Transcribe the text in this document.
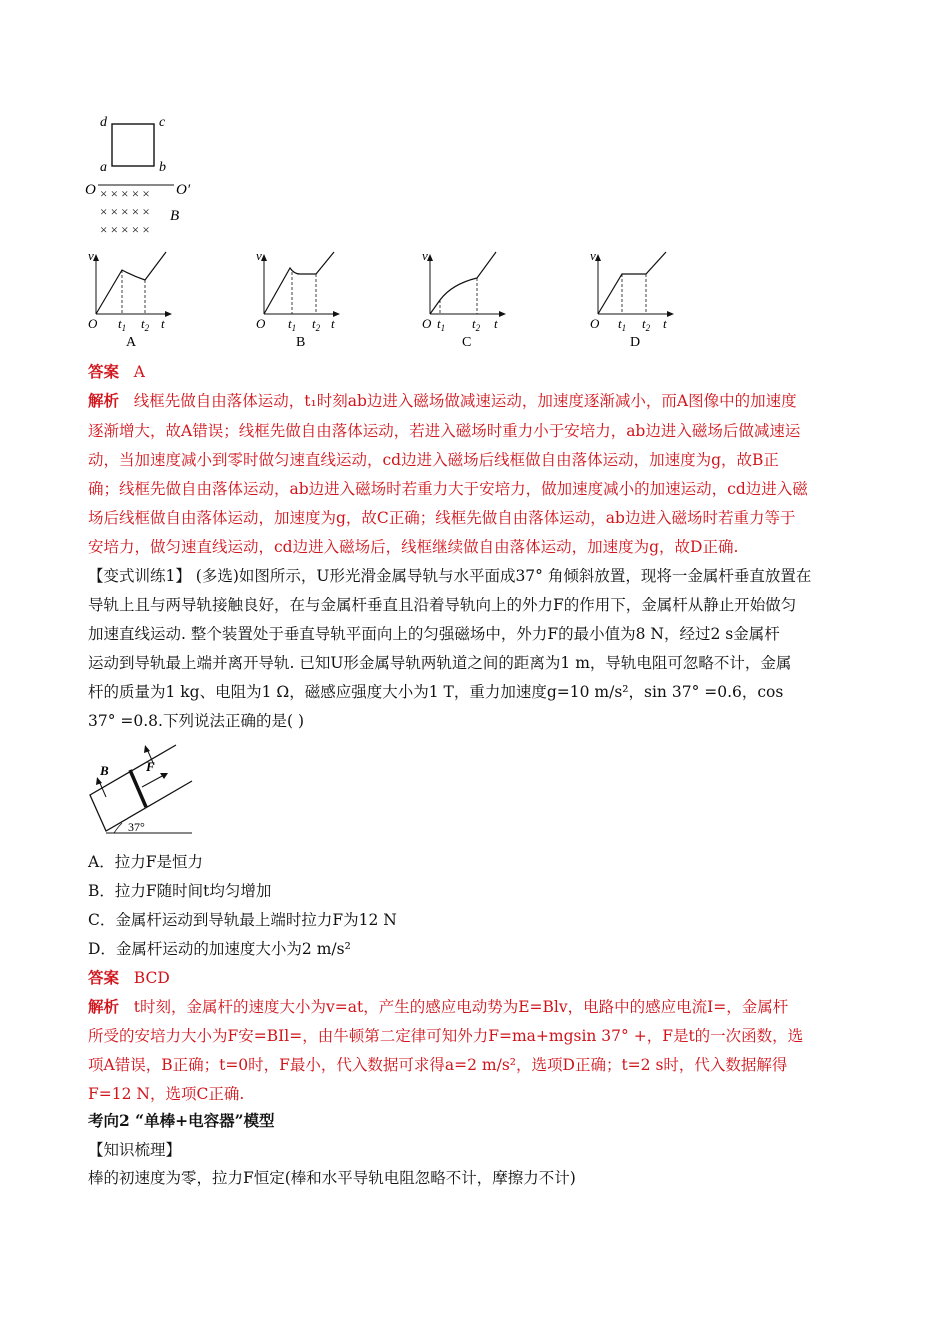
d	c
a	b
O	O′
× × × × ×
× × × × ×
× × × × ×
B
v
O $t_1$ $t_2$ t
A
v
O $t_1$ $t_2$ t
B
v
O $t_1$ $t_2$ t
C
v
O $t_1$ $t_2$ t
D
答案 A
解析 线框先做自由落体运动，t₁时刻ab边进入磁场做减速运动，加速度逐渐减小，而A图像中的加速度
逐渐增大，故A错误；线框先做自由落体运动，若进入磁场时重力小于安培力，ab边进入磁场后做减速运
动，当加速度减小到零时做匀速直线运动，cd边进入磁场后线框做自由落体运动，加速度为g，故B正
确；线框先做自由落体运动，ab边进入磁场时若重力大于安培力，做加速度减小的加速运动，cd边进入磁
场后线框做自由落体运动，加速度为g，故C正确；线框先做自由落体运动，ab边进入磁场时若重力等于
安培力，做匀速直线运动，cd边进入磁场后，线框继续做自由落体运动，加速度为g，故D正确.
【变式训练1】 (多选)如图所示，U形光滑金属导轨与水平面成37° 角倾斜放置，现将一金属杆垂直放置在
导轨上且与两导轨接触良好，在与金属杆垂直且沿着导轨向上的外力F的作用下，金属杆从静止开始做匀
加速直线运动. 整个装置处于垂直导轨平面向上的匀强磁场中，外力F的最小值为8 N，经过2 s金属杆
运动到导轨最上端并离开导轨. 已知U形金属导轨两轨道之间的距离为1 m，导轨电阻可忽略不计，金属
杆的质量为1 kg、电阻为1 Ω，磁感应强度大小为1 T，重力加速度g=10 m/s²，sin 37° =0.6，cos
37° =0.8.下列说法正确的是( )
B	F
37°
A．拉力F是恒力
B．拉力F随时间t均匀增加
C．金属杆运动到导轨最上端时拉力F为12 N
D．金属杆运动的加速度大小为2 m/s²
答案 BCD
解析 t时刻，金属杆的速度大小为v=at，产生的感应电动势为E=Blv，电路中的感应电流I=，金属杆
所受的安培力大小为F安=BIl=，由牛顿第二定律可知外力F=ma+mgsin 37° +，F是t的一次函数，选
项A错误，B正确；t=0时，F最小，代入数据可求得a=2 m/s²，选项D正确；t=2 s时，代入数据解得
F=12 N，选项C正确.
考向2 “单棒+电容器”模型
【知识梳理】
棒的初速度为零，拉力F恒定(棒和水平导轨电阻忽略不计，摩擦力不计)
